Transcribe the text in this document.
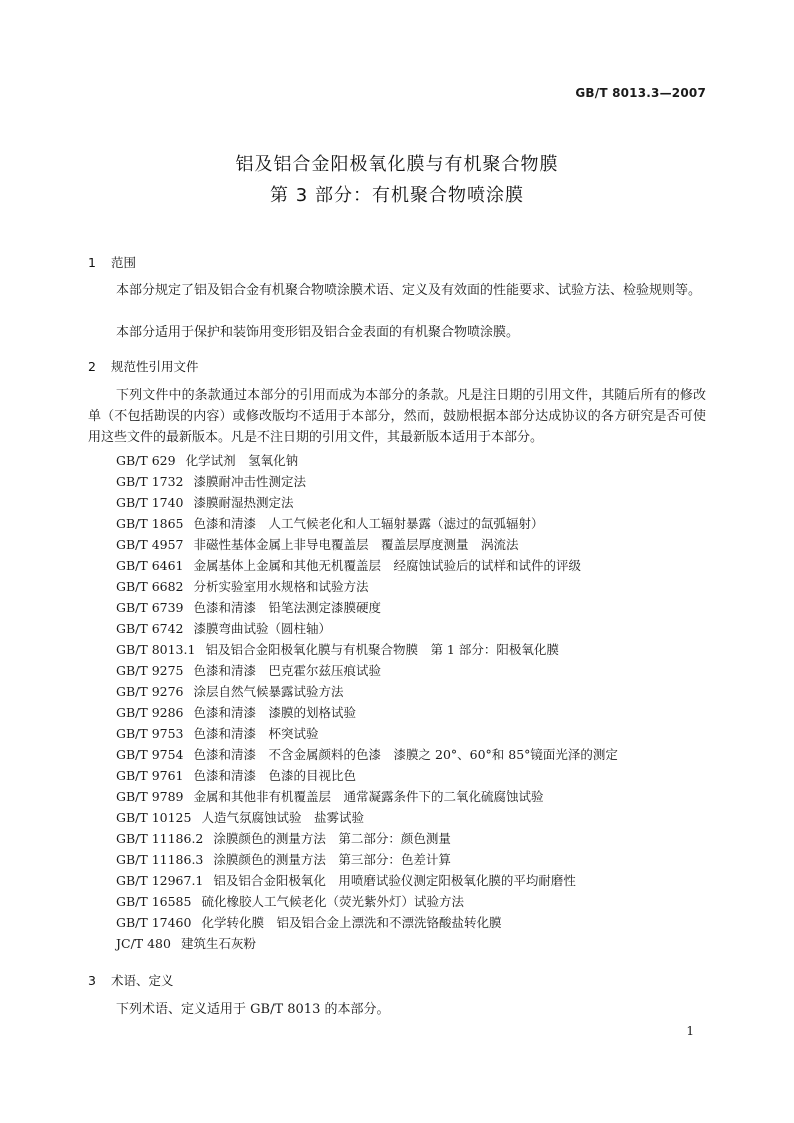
GB/T 8013.3—2007
铝及铝合金阳极氧化膜与有机聚合物膜
第 3 部分：有机聚合物喷涂膜
1 范围

本部分规定了铝及铝合金有机聚合物喷涂膜术语、定义及有效面的性能要求、试验方法、检验规则等。

本部分适用于保护和装饰用变形铝及铝合金表面的有机聚合物喷涂膜。

2 规范性引用文件

下列文件中的条款通过本部分的引用而成为本部分的条款。凡是注日期的引用文件，其随后所有的修改单（不包括勘误的内容）或修改版均不适用于本部分，然而，鼓励根据本部分达成协议的各方研究是否可使用这些文件的最新版本。凡是不注日期的引用文件，其最新版本适用于本部分。

GB/T 629 化学试剂　氢氧化钠
GB/T 1732 漆膜耐冲击性测定法
GB/T 1740 漆膜耐湿热测定法
GB/T 1865 色漆和清漆　人工气候老化和人工辐射暴露（滤过的氙弧辐射）
GB/T 4957 非磁性基体金属上非导电覆盖层　覆盖层厚度测量　涡流法
GB/T 6461 金属基体上金属和其他无机覆盖层　经腐蚀试验后的试样和试件的评级
GB/T 6682 分析实验室用水规格和试验方法
GB/T 6739 色漆和清漆　铅笔法测定漆膜硬度
GB/T 6742 漆膜弯曲试验（圆柱轴）
GB/T 8013.1 铝及铝合金阳极氧化膜与有机聚合物膜　第 1 部分：阳极氧化膜
GB/T 9275 色漆和清漆　巴克霍尔兹压痕试验
GB/T 9276 涂层自然气候暴露试验方法
GB/T 9286 色漆和清漆　漆膜的划格试验
GB/T 9753 色漆和清漆　杯突试验
GB/T 9754 色漆和清漆　不含金属颜料的色漆　漆膜之 20°、60°和 85°镜面光泽的测定
GB/T 9761 色漆和清漆　色漆的目视比色
GB/T 9789 金属和其他非有机覆盖层　通常凝露条件下的二氧化硫腐蚀试验
GB/T 10125 人造气氛腐蚀试验　盐雾试验
GB/T 11186.2 涂膜颜色的测量方法　第二部分：颜色测量
GB/T 11186.3 涂膜颜色的测量方法　第三部分：色差计算
GB/T 12967.1 铝及铝合金阳极氧化　用喷磨试验仪测定阳极氧化膜的平均耐磨性
GB/T 16585 硫化橡胶人工气候老化（荧光紫外灯）试验方法
GB/T 17460 化学转化膜　铝及铝合金上漂洗和不漂洗铬酸盐转化膜
JC/T 480 建筑生石灰粉
3 术语、定义

下列术语、定义适用于 GB/T 8013 的本部分。

1
